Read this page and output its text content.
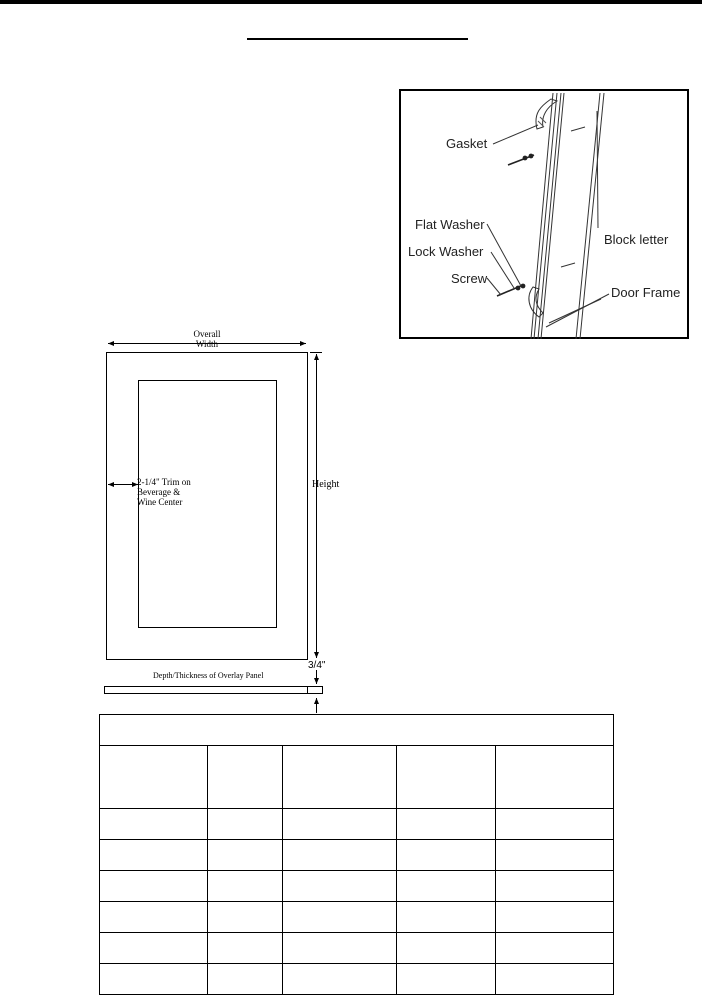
Gasket
Flat Washer
Lock Washer
Screw
Block letter
Door Frame
Overall
Width
Height
2-1/4" Trim on
Beverage &
Wine Center
Depth/Thickness of Overlay Panel
3/4"
